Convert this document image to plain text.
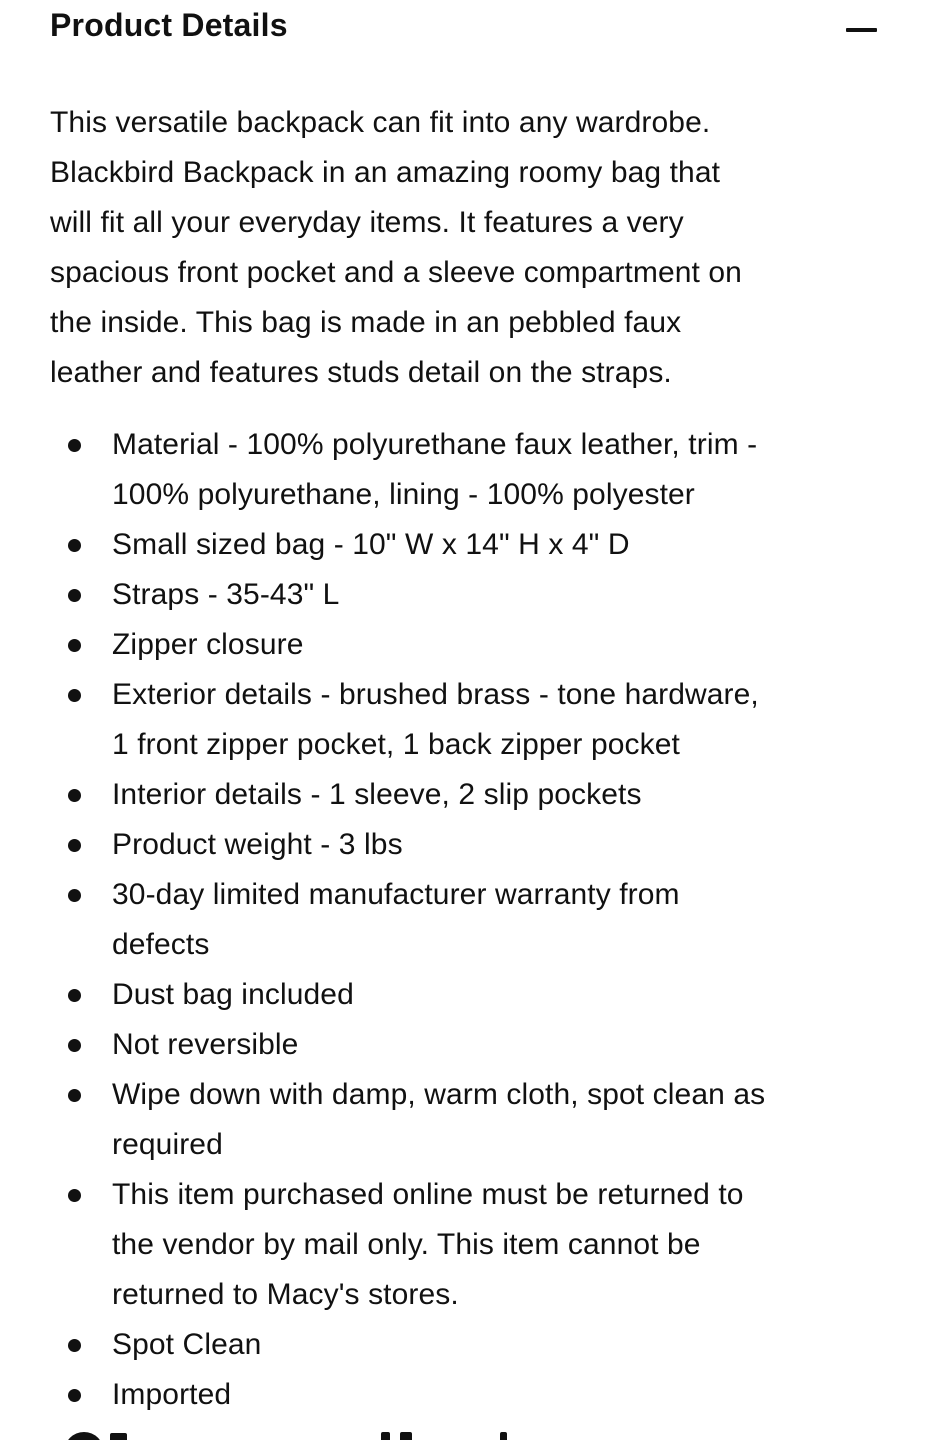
Product Details
This versatile backpack can fit into any wardrobe.
Blackbird Backpack in an amazing roomy bag that
will fit all your everyday items. It features a very
spacious front pocket and a sleeve compartment on
the inside. This bag is made in an pebbled faux
leather and features studs detail on the straps.
Material - 100% polyurethane faux leather, trim -
100% polyurethane, lining - 100% polyester
Small sized bag - 10" W x 14" H x 4" D
Straps - 35-43" L
Zipper closure
Exterior details - brushed brass - tone hardware,
1 front zipper pocket, 1 back zipper pocket
Interior details - 1 sleeve, 2 slip pockets
Product weight - 3 lbs
30-day limited manufacturer warranty from
defects
Dust bag included
Not reversible
Wipe down with damp, warm cloth, spot clean as
required
This item purchased online must be returned to
the vendor by mail only. This item cannot be
returned to Macy's stores.
Spot Clean
Imported
